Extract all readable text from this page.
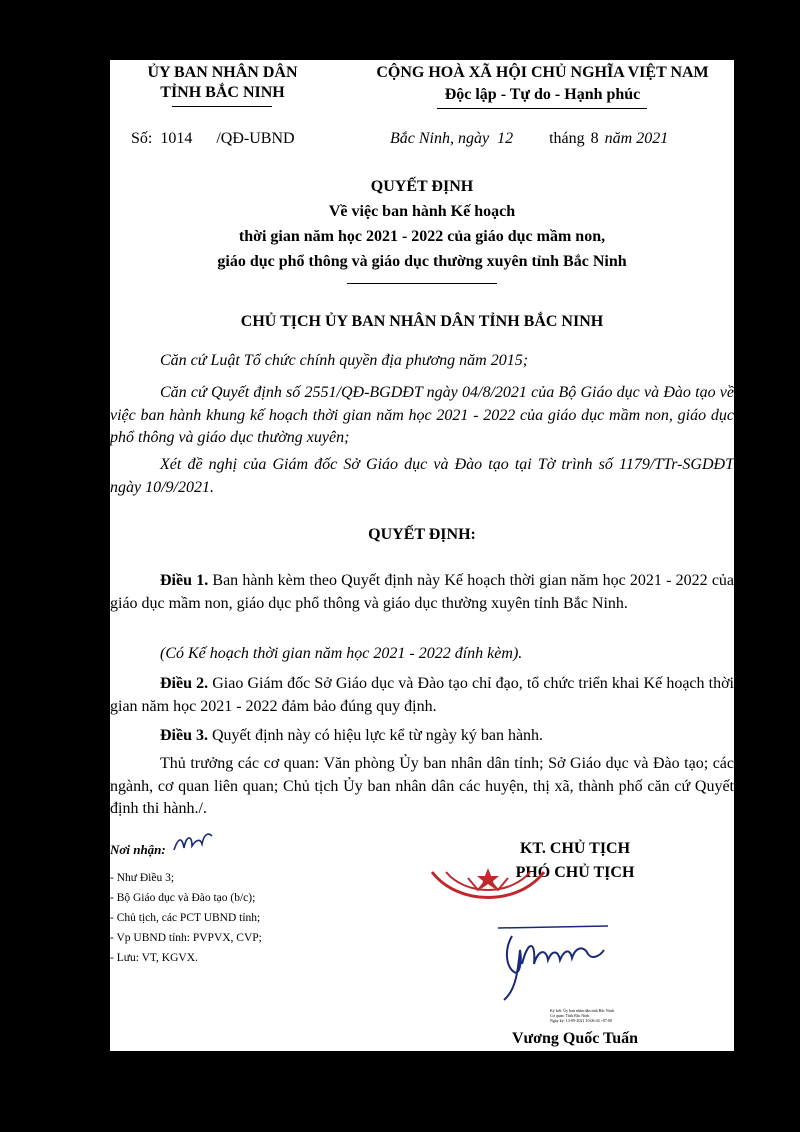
ỦY BAN NHÂN DÂN
TỈNH BẮC NINH
CỘNG HOÀ XÃ HỘI CHỦ NGHĨA VIỆT NAM
Độc lập - Tự do - Hạnh phúc
Số: 1014 /QĐ-UBND	Bắc Ninh, ngày 12 tháng 8 năm 2021
QUYẾT ĐỊNH
Về việc ban hành Kế hoạch
thời gian năm học 2021 - 2022 của giáo dục mầm non,
giáo dục phổ thông và giáo dục thường xuyên tỉnh Bắc Ninh
CHỦ TỊCH ỦY BAN NHÂN DÂN TỈNH BẮC NINH
Căn cứ Luật Tổ chức chính quyền địa phương năm 2015;
Căn cứ Quyết định số 2551/QĐ-BGDĐT ngày 04/8/2021 của Bộ Giáo dục và Đào tạo về việc ban hành khung kế hoạch thời gian năm học 2021 - 2022 của giáo dục mầm non, giáo dục phổ thông và giáo dục thường xuyên;
Xét đề nghị của Giám đốc Sở Giáo dục và Đào tạo tại Tờ trình số 1179/TTr-SGDĐT ngày 10/9/2021.
QUYẾT ĐỊNH:
Điều 1. Ban hành kèm theo Quyết định này Kế hoạch thời gian năm học 2021 - 2022 của giáo dục mầm non, giáo dục phổ thông và giáo dục thường xuyên tỉnh Bắc Ninh.
(Có Kế hoạch thời gian năm học 2021 - 2022 đính kèm).
Điều 2. Giao Giám đốc Sở Giáo dục và Đào tạo chỉ đạo, tổ chức triển khai Kế hoạch thời gian năm học 2021 - 2022 đảm bảo đúng quy định.
Điều 3. Quyết định này có hiệu lực kể từ ngày ký ban hành.
Thủ trưởng các cơ quan: Văn phòng Ủy ban nhân dân tỉnh; Sở Giáo dục và Đào tạo; các ngành, cơ quan liên quan; Chủ tịch Ủy ban nhân dân các huyện, thị xã, thành phố căn cứ Quyết định thi hành./.
Nơi nhận:
- Như Điều 3;
- Bộ Giáo dục và Đào tạo (b/c);
- Chủ tịch, các PCT UBND tỉnh;
- Vp UBND tỉnh: PVPVX, CVP;
- Lưu: VT, KGVX.
KT. CHỦ TỊCH
PHÓ CHỦ TỊCH
Ký bởi: Ủy ban nhân dân tỉnh Bắc Ninh
Cơ quan: Tỉnh Bắc Ninh
Ngày ký: 13-09-2021 10:06:34 +07:00
Vương Quốc Tuấn
